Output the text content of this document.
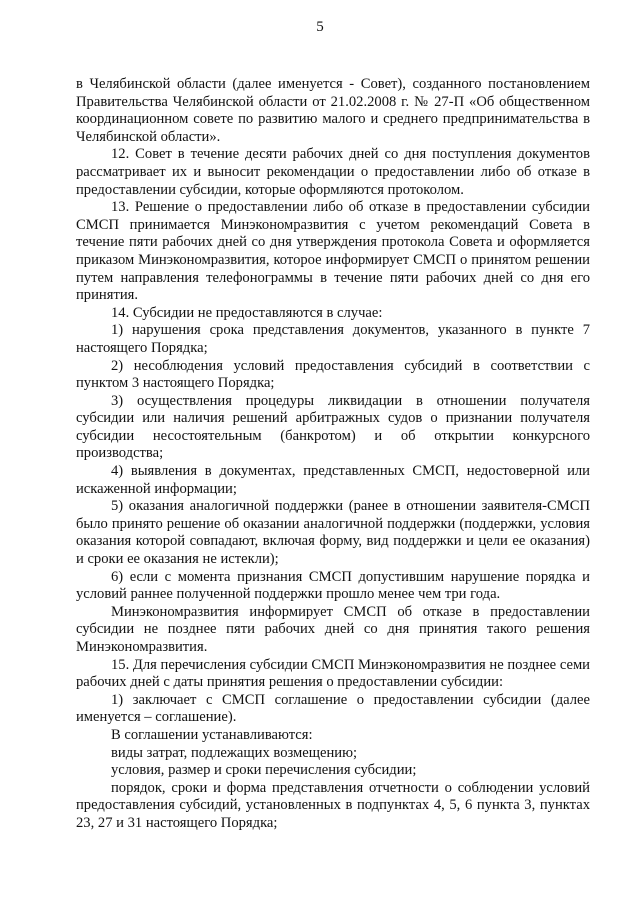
5

в Челябинской области (далее именуется - Совет), созданного постановлением Правительства Челябинской области от 21.02.2008 г. № 27-П «Об общественном координационном совете по развитию малого и среднего предпринимательства в Челябинской области».

12. Совет в течение десяти рабочих дней со дня поступления документов рассматривает их и выносит рекомендации о предоставлении либо об отказе в предоставлении субсидии, которые оформляются протоколом.

13. Решение о предоставлении либо об отказе в предоставлении субсидии СМСП принимается Минэкономразвития с учетом рекомендаций Совета в течение пяти рабочих дней со дня утверждения протокола Совета и оформляется приказом Минэкономразвития, которое информирует СМСП о принятом решении путем направления телефонограммы в течение пяти рабочих дней со дня его принятия.

14. Субсидии не предоставляются в случае:

1) нарушения срока представления документов, указанного в пункте 7 настоящего Порядка;

2) несоблюдения условий предоставления субсидий в соответствии с пунктом 3 настоящего Порядка;

3) осуществления процедуры ликвидации в отношении получателя субсидии или наличия решений арбитражных судов о признании получателя субсидии несостоятельным (банкротом) и об открытии конкурсного производства;

4) выявления в документах, представленных СМСП, недостоверной или искаженной информации;

5) оказания аналогичной поддержки (ранее в отношении заявителя-СМСП было принято решение об оказании аналогичной поддержки (поддержки, условия оказания которой совпадают, включая форму, вид поддержки и цели ее оказания) и сроки ее оказания не истекли);

6) если с момента признания СМСП допустившим нарушение порядка и условий раннее полученной поддержки прошло менее чем три года.

Минэкономразвития информирует СМСП об отказе в предоставлении субсидии не позднее пяти рабочих дней со дня принятия такого решения Минэкономразвития.

15. Для перечисления субсидии СМСП Минэкономразвития не позднее семи рабочих дней с даты принятия решения о предоставлении субсидии:

1) заключает с СМСП соглашение о предоставлении субсидии (далее именуется – соглашение).

В соглашении устанавливаются:

виды затрат, подлежащих возмещению;

условия, размер и сроки перечисления субсидии;

порядок, сроки и форма представления отчетности о соблюдении условий предоставления субсидий, установленных в подпунктах 4, 5, 6 пункта 3, пунктах 23, 27 и 31 настоящего Порядка;
